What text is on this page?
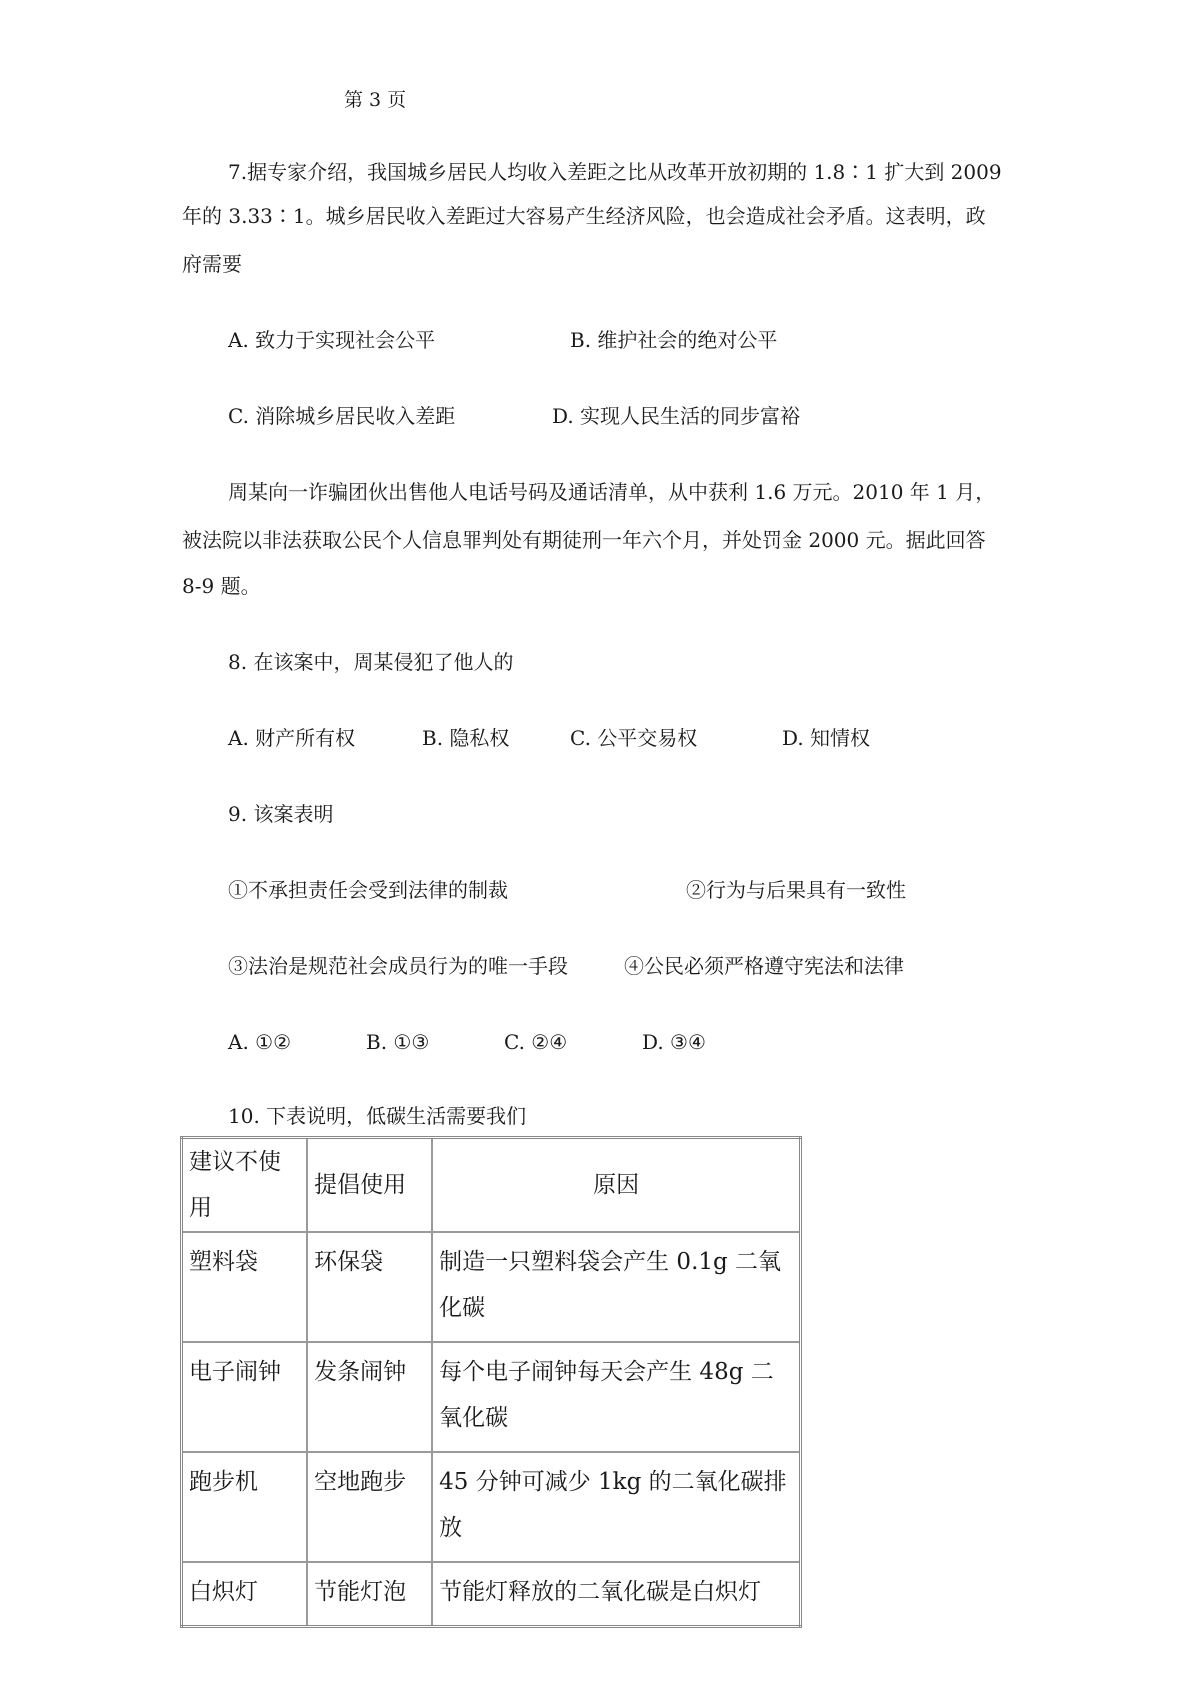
第 3 页
7.据专家介绍，我国城乡居民人均收入差距之比从改革开放初期的 1.8∶1 扩大到 2009
年的 3.33∶1。城乡居民收入差距过大容易产生经济风险，也会造成社会矛盾。这表明，政
府需要
A. 致力于实现社会公平	B. 维护社会的绝对公平
C. 消除城乡居民收入差距	D. 实现人民生活的同步富裕
周某向一诈骗团伙出售他人电话号码及通话清单，从中获利 1.6 万元。2010 年 1 月，
被法院以非法获取公民个人信息罪判处有期徒刑一年六个月，并处罚金 2000 元。据此回答
8-9 题。
8. 在该案中，周某侵犯了他人的
A. 财产所有权	B. 隐私权	C. 公平交易权	D. 知情权
9. 该案表明
①不承担责任会受到法律的制裁	②行为与后果具有一致性
③法治是规范社会成员行为的唯一手段	④公民必须严格遵守宪法和法律
A. ①②	B. ①③	C. ②④	D. ③④
10. 下表说明，低碳生活需要我们
建议不使用	提倡使用	原因
塑料袋	环保袋	制造一只塑料袋会产生 0.1g 二氧化碳
电子闹钟	发条闹钟	每个电子闹钟每天会产生 48g 二氧化碳
跑步机	空地跑步	45 分钟可减少 1kg 的二氧化碳排放
白炽灯	节能灯泡	节能灯释放的二氧化碳是白炽灯
